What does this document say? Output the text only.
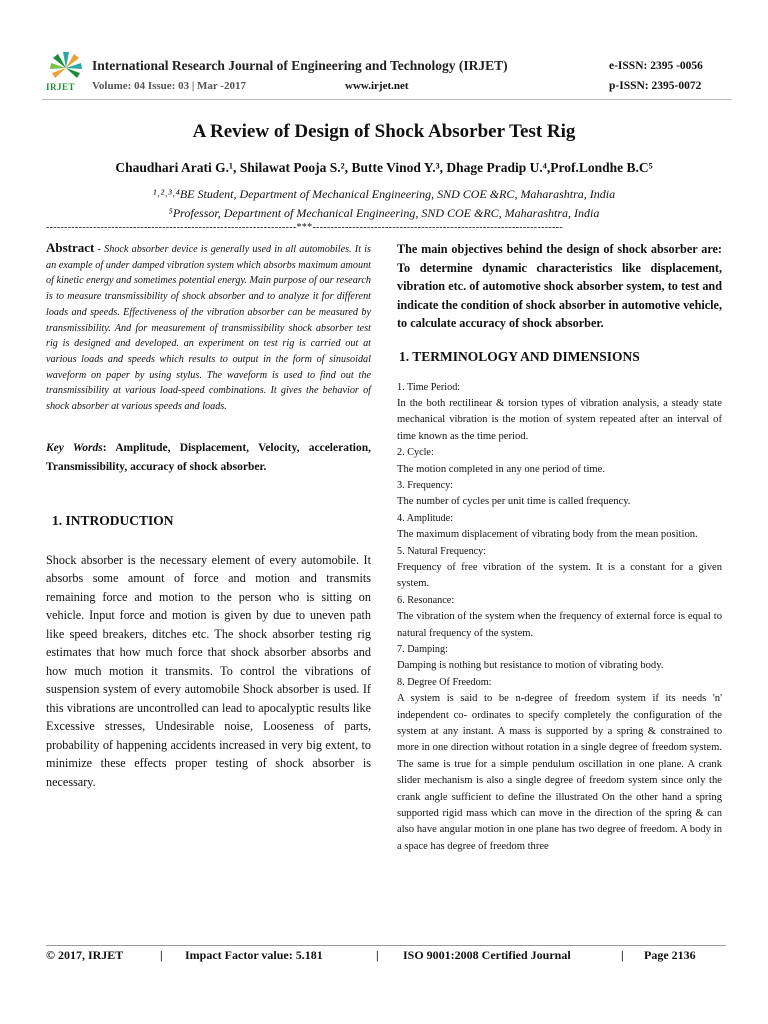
IRJET
International Research Journal of Engineering and Technology (IRJET)
Volume: 04 Issue: 03 | Mar -2017	www.irjet.net
e-ISSN: 2395 -0056
p-ISSN: 2395-0072
A Review of Design of Shock Absorber Test Rig
Chaudhari Arati G.¹, Shilawat Pooja S.², Butte Vinod Y.³, Dhage Pradip U.⁴,Prof.Londhe B.C⁵
¹˒²˒³˒⁴BE Student, Department of Mechanical Engineering, SND COE &RC, Maharashtra, India
⁵Professor, Department of Mechanical Engineering, SND COE &RC, Maharashtra, India
---------------------------------------------------------------------***---------------------------------------------------------------------

Abstract - Shock absorber device is generally used in all automobiles. It is an example of under damped vibration system which absorbs maximum amount of kinetic energy and sometimes potential energy. Main purpose of our research is to measure transmissibility of shock absorber and to analyze it for different loads and speeds. Effectiveness of the vibration absorber can be measured by transmissibility. And for measurement of transmissibility shock absorber test rig is designed and developed. an experiment on test rig is carried out at various loads and speeds which results to output in the form of sinusoidal waveform on paper by using stylus. The waveform is used to find out the transmissibility at various load-speed combinations. It gives the behavior of shock absorber at various speeds and loads.

Key Words: Amplitude, Displacement, Velocity, acceleration, Transmissibility, accuracy of shock absorber.

1. INTRODUCTION

Shock absorber is the necessary element of every automobile. It absorbs some amount of force and motion and transmits remaining force and motion to the person who is sitting on vehicle. Input force and motion is given by due to uneven path like speed breakers, ditches etc. The shock absorber testing rig estimates that how much force that shock absorber absorbs and how much motion it transmits. To control the vibrations of suspension system of every automobile Shock absorber is used. If this vibrations are uncontrolled can lead to apocalyptic results like Excessive stresses, Undesirable noise, Looseness of parts, probability of happening accidents increased in very big extent, to minimize these effects proper testing of shock absorber is necessary.

The main objectives behind the design of shock absorber are: To determine dynamic characteristics like displacement, vibration etc. of automotive shock absorber system, to test and indicate the condition of shock absorber in automotive vehicle, to calculate accuracy of shock absorber.

1. TERMINOLOGY AND DIMENSIONS

1. Time Period:

In the both rectilinear & torsion types of vibration analysis, a steady state mechanical vibration is the motion of system repeated after an interval of time known as the time period.

2. Cycle:

The motion completed in any one period of time.

3. Frequency:

The number of cycles per unit time is called frequency.

4. Amplitude:

The maximum displacement of vibrating body from the mean position.

5. Natural Frequency:

Frequency of free vibration of the system. It is a constant for a given system.

6. Resonance:

The vibration of the system when the frequency of external force is equal to natural frequency of the system.

7. Damping:

Damping is nothing but resistance to motion of vibrating body.

8. Degree Of Freedom:

A system is said to be n-degree of freedom system if its needs 'n' independent co- ordinates to specify completely the configuration of the system at any instant. A mass is supported by a spring & constrained to more in one direction without rotation in a single degree of freedom system. The same is true for a simple pendulum oscillation in one plane. A crank slider mechanism is also a single degree of freedom system since only the crank angle sufficient to define the illustrated On the other hand a spring supported rigid mass which can move in the direction of the spring & can also have angular motion in one plane has two degree of freedom. A body in a space has degree of freedom three

© 2017, IRJET	| Impact Factor value: 5.181	| ISO 9001:2008 Certified Journal	| Page 2136
